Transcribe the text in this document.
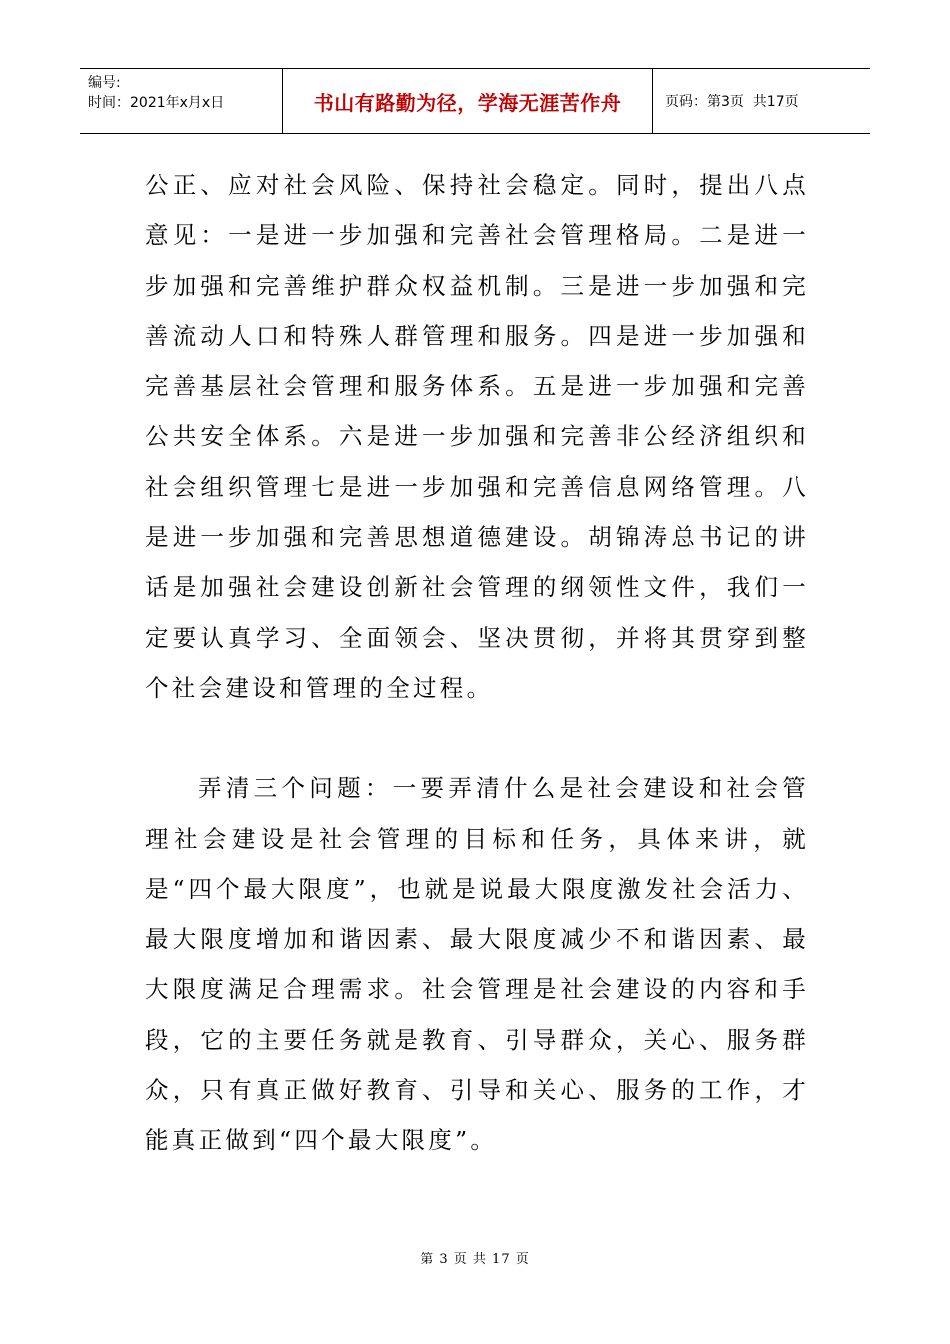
编号:
时间：2021年x月x日	书山有路勤为径，学海无涯苦作舟	页码：第3页  共17页

公正、应对社会风险、保持社会稳定。同时，提出八点意见：一是进一步加强和完善社会管理格局。二是进一步加强和完善维护群众权益机制。三是进一步加强和完善流动人口和特殊人群管理和服务。四是进一步加强和完善基层社会管理和服务体系。五是进一步加强和完善公共安全体系。六是进一步加强和完善非公经济组织和社会组织管理七是进一步加强和完善信息网络管理。八是进一步加强和完善思想道德建设。胡锦涛总书记的讲话是加强社会建设创新社会管理的纲领性文件，我们一定要认真学习、全面领会、坚决贯彻，并将其贯穿到整个社会建设和管理的全过程。

弄清三个问题：一要弄清什么是社会建设和社会管理社会建设是社会管理的目标和任务，具体来讲，就是“四个最大限度”，也就是说最大限度激发社会活力、最大限度增加和谐因素、最大限度减少不和谐因素、最大限度满足合理需求。社会管理是社会建设的内容和手段，它的主要任务就是教育、引导群众，关心、服务群众，只有真正做好教育、引导和关心、服务的工作，才能真正做到“四个最大限度”。

第 3 页 共 17 页
